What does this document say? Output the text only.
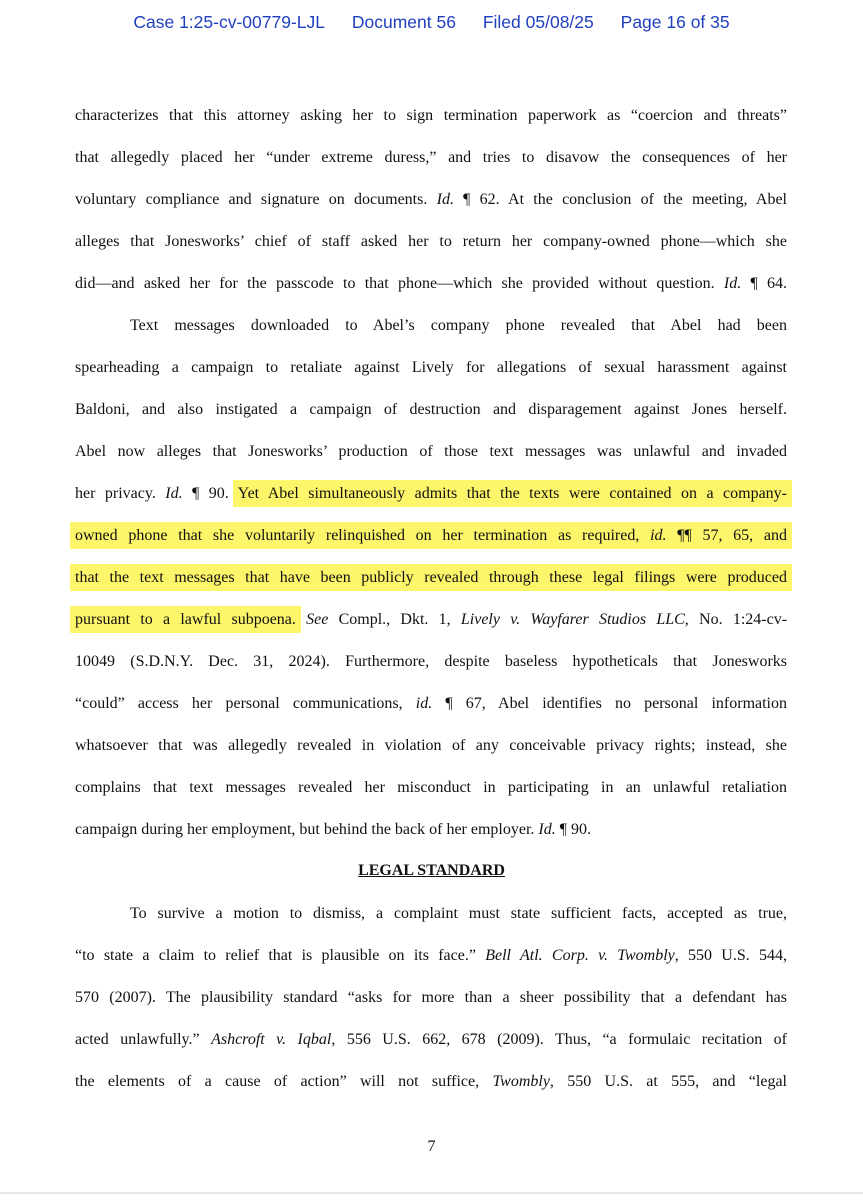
Case 1:25-cv-00779-LJL Document 56 Filed 05/08/25 Page 16 of 35
characterizes that this attorney asking her to sign termination paperwork as “coercion and threats”
that allegedly placed her “under extreme duress,” and tries to disavow the consequences of her
voluntary compliance and signature on documents. Id. ¶ 62. At the conclusion of the meeting, Abel
alleges that Jonesworks’ chief of staff asked her to return her company-owned phone—which she
did—and asked her for the passcode to that phone—which she provided without question. Id. ¶ 64.
Text messages downloaded to Abel’s company phone revealed that Abel had been
spearheading a campaign to retaliate against Lively for allegations of sexual harassment against
Baldoni, and also instigated a campaign of destruction and disparagement against Jones herself.
Abel now alleges that Jonesworks’ production of those text messages was unlawful and invaded
her privacy. Id. ¶ 90. Yet Abel simultaneously admits that the texts were contained on a company-
owned phone that she voluntarily relinquished on her termination as required, id. ¶¶ 57, 65, and
that the text messages that have been publicly revealed through these legal filings were produced
pursuant to a lawful subpoena. See Compl., Dkt. 1, Lively v. Wayfarer Studios LLC, No. 1:24-cv-
10049 (S.D.N.Y. Dec. 31, 2024). Furthermore, despite baseless hypotheticals that Jonesworks
“could” access her personal communications, id. ¶ 67, Abel identifies no personal information
whatsoever that was allegedly revealed in violation of any conceivable privacy rights; instead, she
complains that text messages revealed her misconduct in participating in an unlawful retaliation
campaign during her employment, but behind the back of her employer. Id. ¶ 90.
LEGAL STANDARD
To survive a motion to dismiss, a complaint must state sufficient facts, accepted as true,
“to state a claim to relief that is plausible on its face.” Bell Atl. Corp. v. Twombly, 550 U.S. 544,
570 (2007). The plausibility standard “asks for more than a sheer possibility that a defendant has
acted unlawfully.” Ashcroft v. Iqbal, 556 U.S. 662, 678 (2009). Thus, “a formulaic recitation of
the elements of a cause of action” will not suffice, Twombly, 550 U.S. at 555, and “legal
7
